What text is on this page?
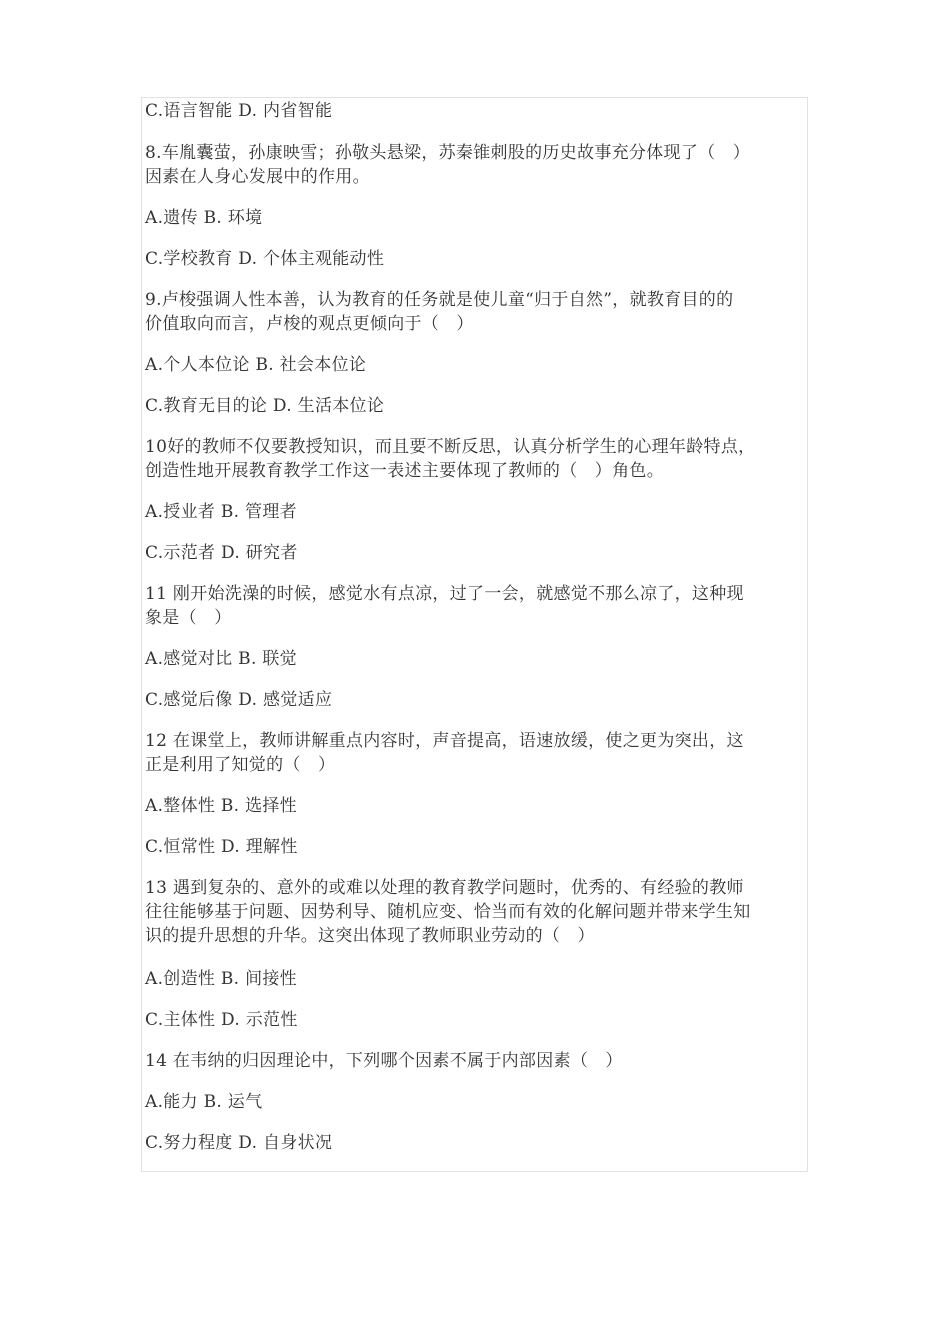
C.语言智能 D. 内省智能

8.车胤囊萤，孙康映雪；孙敬头悬梁，苏秦锥刺股的历史故事充分体现了（　）

因素在人身心发展中的作用。

A.遗传 B. 环境

C.学校教育 D. 个体主观能动性

9.卢梭强调人性本善，认为教育的任务就是使儿童“归于自然”，就教育目的的

价值取向而言，卢梭的观点更倾向于（　）

A.个人本位论 B. 社会本位论

C.教育无目的论 D. 生活本位论

10好的教师不仅要教授知识，而且要不断反思，认真分析学生的心理年龄特点，

创造性地开展教育教学工作这一表述主要体现了教师的（　）角色。

A.授业者 B. 管理者

C.示范者 D. 研究者

11 刚开始洗澡的时候，感觉水有点凉，过了一会，就感觉不那么凉了，这种现

象是（　）

A.感觉对比 B. 联觉

C.感觉后像 D. 感觉适应

12 在课堂上，教师讲解重点内容时，声音提高，语速放缓，使之更为突出，这

正是利用了知觉的（　）

A.整体性 B. 选择性

C.恒常性 D. 理解性

13 遇到复杂的、意外的或难以处理的教育教学问题时，优秀的、有经验的教师

往往能够基于问题、因势利导、随机应变、恰当而有效的化解问题并带来学生知

识的提升思想的升华。这突出体现了教师职业劳动的（　）

A.创造性 B. 间接性

C.主体性 D. 示范性

14 在韦纳的归因理论中，下列哪个因素不属于内部因素（　）

A.能力 B. 运气

C.努力程度 D. 自身状况
